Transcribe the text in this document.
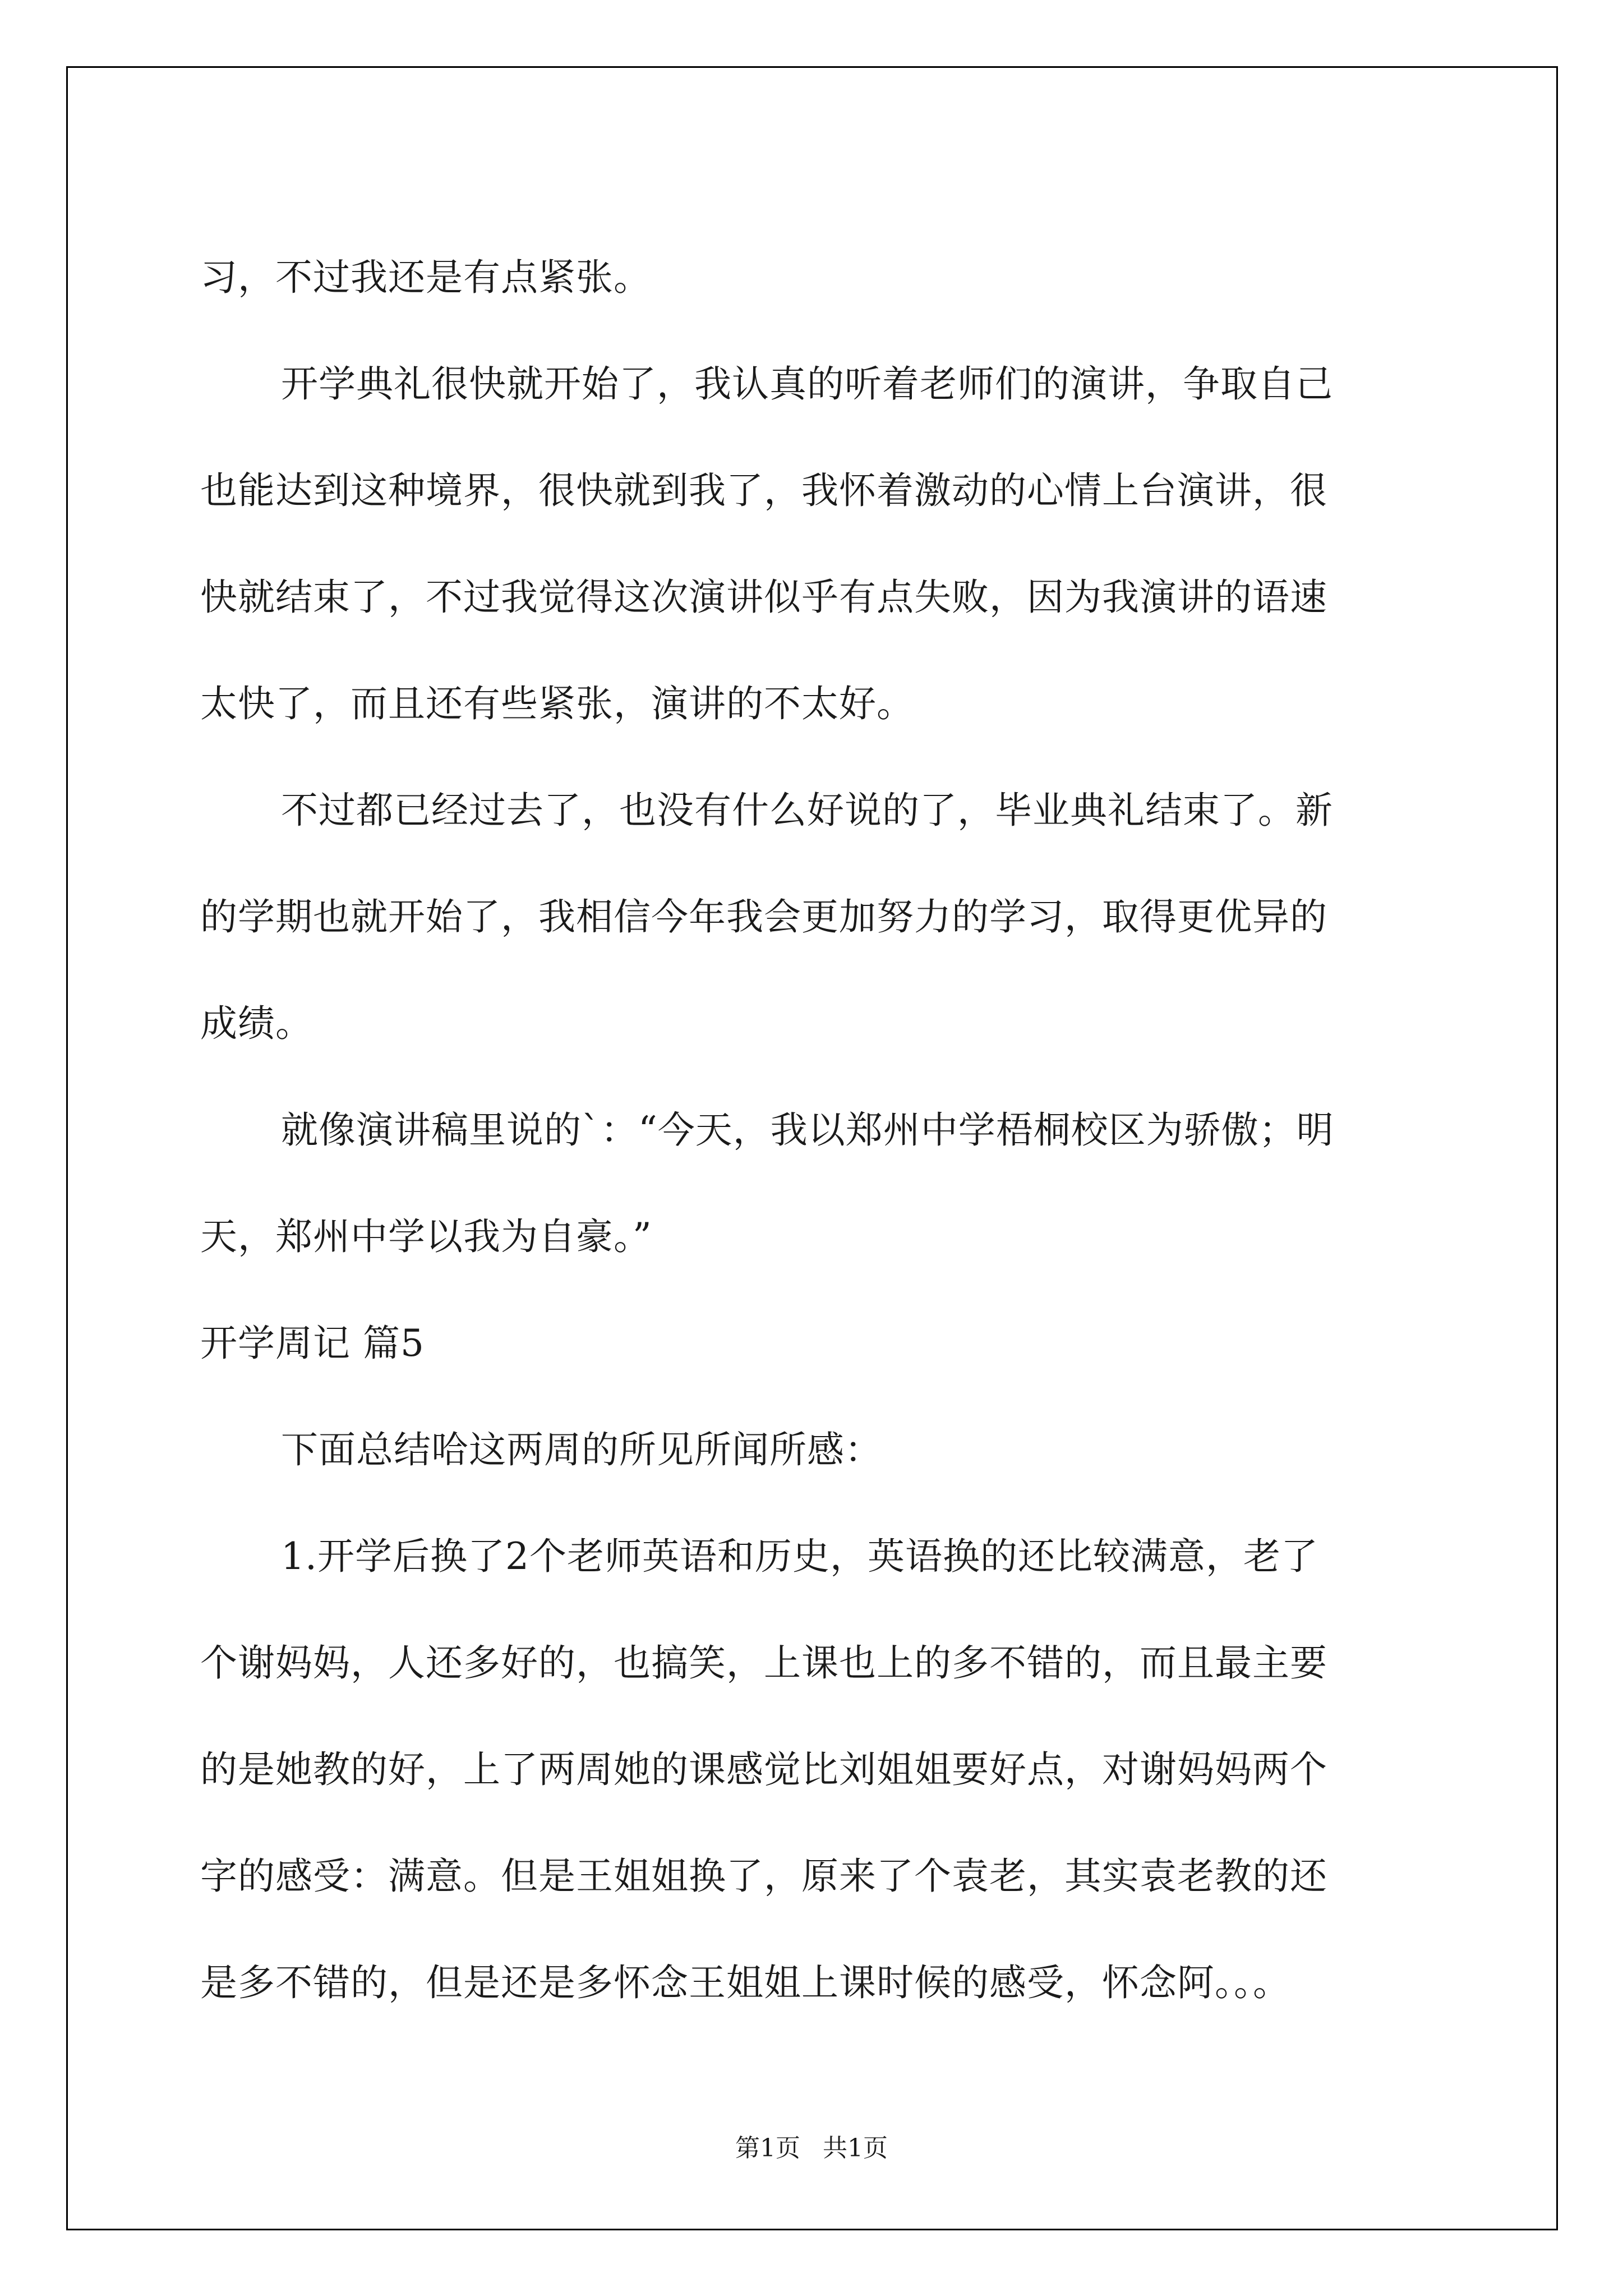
习，不过我还是有点紧张。
开学典礼很快就开始了，我认真的听着老师们的演讲，争取自己
也能达到这种境界，很快就到我了，我怀着激动的心情上台演讲，很
快就结束了，不过我觉得这次演讲似乎有点失败，因为我演讲的语速
太快了，而且还有些紧张，演讲的不太好。
不过都已经过去了，也没有什么好说的了，毕业典礼结束了。新
的学期也就开始了，我相信今年我会更加努力的学习，取得更优异的
成绩。
就像演讲稿里说的`：“今天，我以郑州中学梧桐校区为骄傲；明
天，郑州中学以我为自豪。”
开学周记 篇5
下面总结哈这两周的所见所闻所感：
1.开学后换了2个老师英语和历史，英语换的还比较满意，老了
个谢妈妈，人还多好的，也搞笑，上课也上的多不错的，而且最主要
的是她教的好，上了两周她的课感觉比刘姐姐要好点，对谢妈妈两个
字的感受：满意。但是王姐姐换了，原来了个袁老，其实袁老教的还
是多不错的，但是还是多怀念王姐姐上课时候的感受，怀念阿。。。
第1页 共1页
